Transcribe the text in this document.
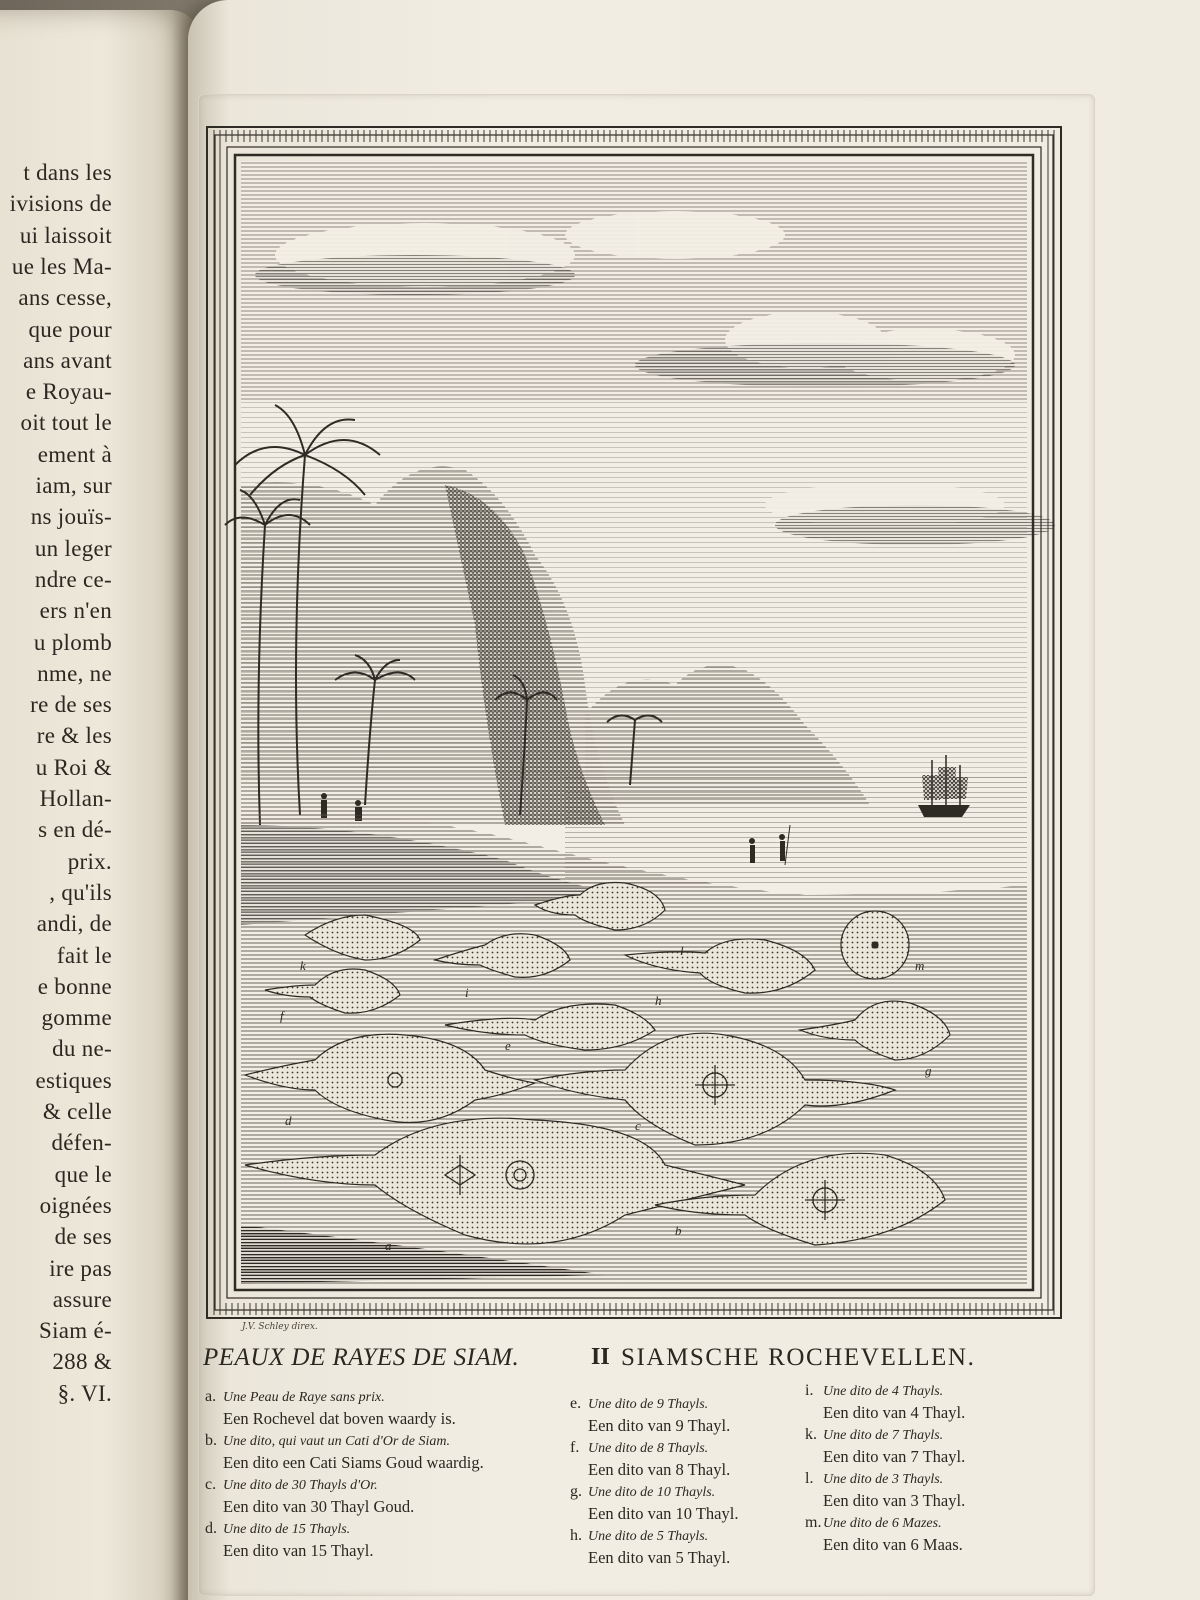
t dans les
ivisions de
ui laissoit
ue les Ma-
ans cesse,
que pour
ans avant
e Royau-
oit tout le
ement à
iam, sur
ns jouïs-
un leger
ndre ce-
ers n'en
u plomb
nme, ne
re de ses
re & les
u Roi &
Hollan-
s en dé-
prix.
, qu'ils
andi, de
fait le
e bonne
gomme
du ne-
estiques
& celle
défen-
que le
oignées
de ses
ire pas
assure
Siam é-
288 &
§. VI.
a
b
c
d
e
f
g
h
i
k
l
m
J.V. Schley direx.
PEAUX DE RAYES DE SIAM.	II SIAMSCHE ROCHEVELLEN.
a. Une Peau de Raye sans prix.
Een Rochevel dat boven waardy is.
b. Une dito, qui vaut un Cati d'Or de Siam.
Een dito een Cati Siams Goud waardig.
c. Une dito de 30 Thayls d'Or.
Een dito van 30 Thayl Goud.
d. Une dito de 15 Thayls.
Een dito van 15 Thayl.
e. Une dito de 9 Thayls.
Een dito van 9 Thayl.
f. Une dito de 8 Thayls.
Een dito van 8 Thayl.
g. Une dito de 10 Thayls.
Een dito van 10 Thayl.
h. Une dito de 5 Thayls.
Een dito van 5 Thayl.
i. Une dito de 4 Thayls.
Een dito van 4 Thayl.
k. Une dito de 7 Thayls.
Een dito van 7 Thayl.
l. Une dito de 3 Thayls.
Een dito van 3 Thayl.
m. Une dito de 6 Mazes.
Een dito van 6 Maas.
